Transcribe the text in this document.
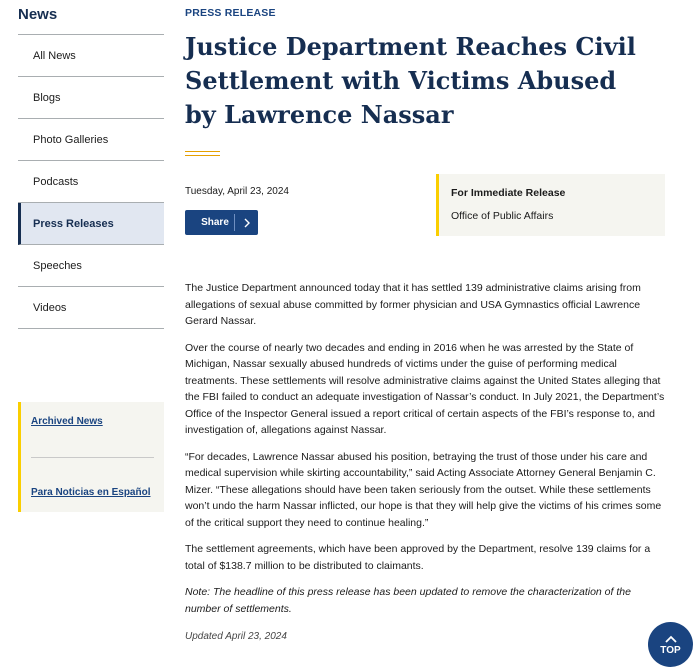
News
All News
Blogs
Photo Galleries
Podcasts
Press Releases
Speeches
Videos
Archived News
Para Noticias en Español
PRESS RELEASE
Justice Department Reaches Civil Settlement with Victims Abused by Lawrence Nassar
Tuesday, April 23, 2024
Share
For Immediate Release
Office of Public Affairs

The Justice Department announced today that it has settled 139 administrative claims arising from allegations of sexual abuse committed by former physician and USA Gymnastics official Lawrence Gerard Nassar.

Over the course of nearly two decades and ending in 2016 when he was arrested by the State of Michigan, Nassar sexually abused hundreds of victims under the guise of performing medical treatments. These settlements will resolve administrative claims against the United States alleging that the FBI failed to conduct an adequate investigation of Nassar’s conduct. In July 2021, the Department’s Office of the Inspector General issued a report critical of certain aspects of the FBI’s response to, and investigation of, allegations against Nassar.

“For decades, Lawrence Nassar abused his position, betraying the trust of those under his care and medical supervision while skirting accountability,” said Acting Associate Attorney General Benjamin C. Mizer. “These allegations should have been taken seriously from the outset. While these settlements won’t undo the harm Nassar inflicted, our hope is that they will help give the victims of his crimes some of the critical support they need to continue healing.”

The settlement agreements, which have been approved by the Department, resolve 139 claims for a total of $138.7 million to be distributed to claimants.

Note: The headline of this press release has been updated to remove the characterization of the number of settlements.

Updated April 23, 2024
TOP
